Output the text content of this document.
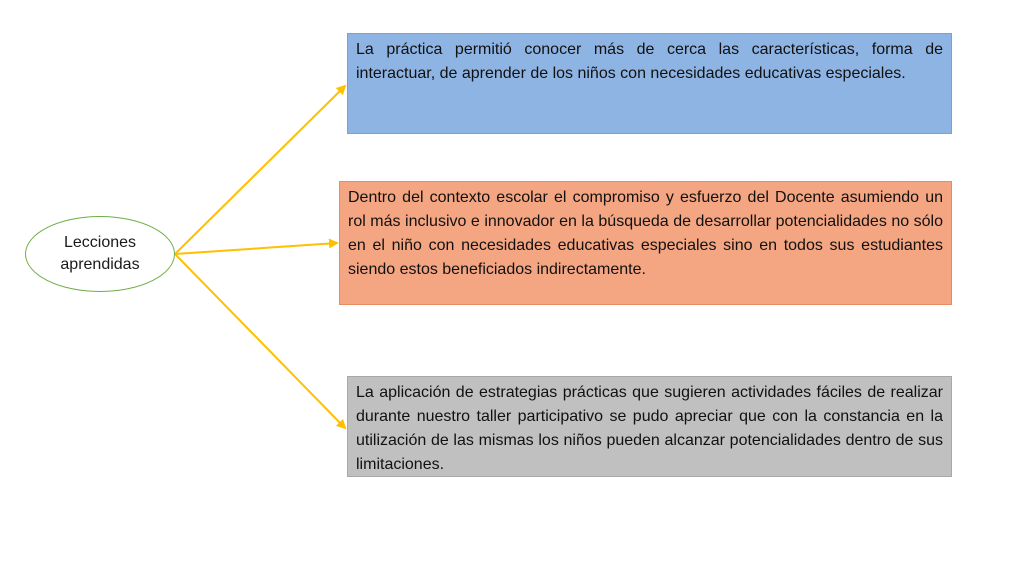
Lecciones
aprendidas
La práctica permitió conocer más de cerca las características, forma de interactuar, de aprender de los niños con necesidades educativas especiales.
Dentro del contexto escolar el compromiso y esfuerzo del Docente asumiendo un rol más inclusivo e innovador en la búsqueda de desarrollar potencialidades no sólo en el niño con necesidades educativas especiales sino en todos sus estudiantes siendo estos beneficiados indirectamente.
La aplicación de estrategias prácticas que sugieren actividades fáciles de realizar durante nuestro taller participativo se pudo apreciar que con la constancia en la utilización de las mismas los niños pueden alcanzar potencialidades dentro de sus limitaciones.
